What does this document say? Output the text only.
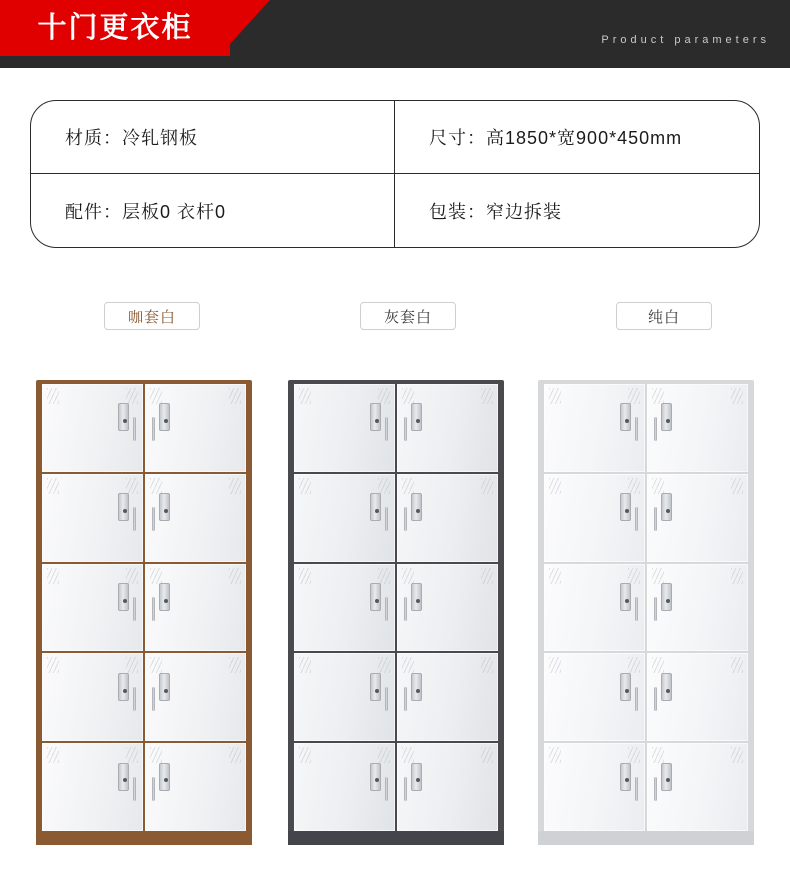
十门更衣柜	Product parameters
材质：冷轧钢板	尺寸：高1850*宽900*450mm
配件：层板0 衣杆0	包装：窄边拆装
咖套白	灰套白	纯白
